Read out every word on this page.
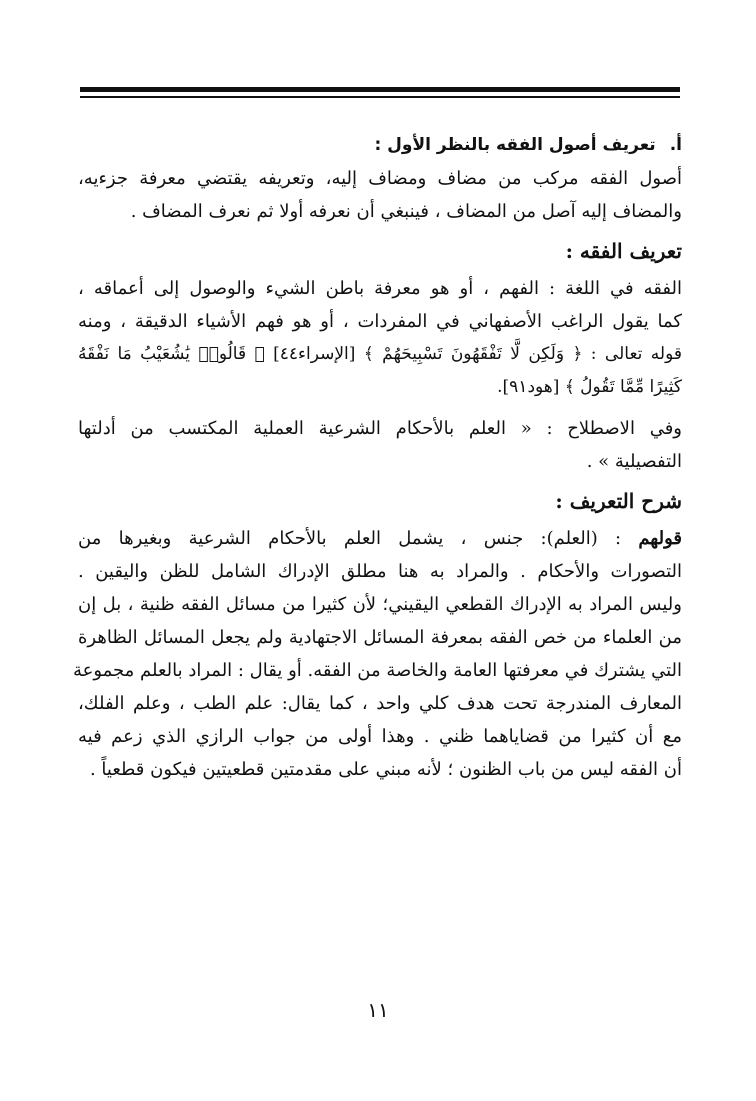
أ.تعريف أصول الفقه بالنظر الأول :

أصول الفقه مركب من مضاف ومضاف إليه، وتعريفه يقتضي معرفة جزءيه،
والمضاف إليه آصل من المضاف ، فينبغي أن نعرفه أولا ثم نعرف المضاف .

تعريف الفقه :

الفقه في اللغة : الفهم ، أو هو معرفة باطن الشيء والوصول إلى أعماقه ،
كما يقول الراغب الأصفهاني في المفردات ، أو هو فهم الأشياء الدقيقة ، ومنه
قوله تعالى : ﴿ وَلَكِن لَّا تَفْقَهُونَ تَسْبِيحَهُمْ ﴾ [الإسراء٤٤] ﴿ قَالُوا۟ يَٰشُعَيْبُ مَا نَفْقَهُ
كَثِيرًا مِّمَّا تَقُولُ ﴾ [هود٩١].

وفي الاصطلاح : « العلم بالأحكام الشرعية العملية المكتسب من أدلتها
التفصيلية » .

شرح التعريف :

قولهم : (العلم): جنس ، يشمل العلم بالأحكام الشرعية وبغيرها من
التصورات والأحكام . والمراد به هنا مطلق الإدراك الشامل للظن واليقين .
وليس المراد به الإدراك القطعي اليقيني؛ لأن كثيرا من مسائل الفقه ظنية ، بل إن
من العلماء من خص الفقه بمعرفة المسائل الاجتهادية ولم يجعل المسائل الظاهرة
التي يشترك في معرفتها العامة والخاصة من الفقه. أو يقال : المراد بالعلم مجموعة
المعارف المندرجة تحت هدف كلي واحد ، كما يقال: علم الطب ، وعلم الفلك،
مع أن كثيرا من قضاياهما ظني . وهذا أولى من جواب الرازي الذي زعم فيه
أن الفقه ليس من باب الظنون ؛ لأنه مبني على مقدمتين قطعيتين فيكون قطعياً .

١١
